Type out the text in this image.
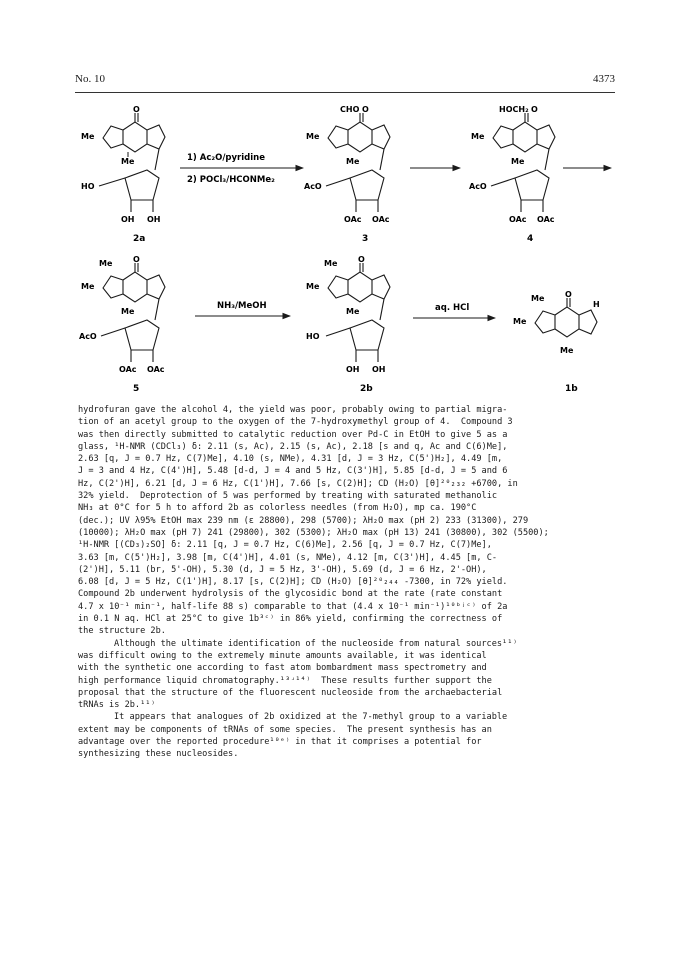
No. 10	4373
O
Me
Me
HO
OH OH
2a
1) Ac₂O/pyridine
2) POCl₃/HCONMe₂
CHO O
Me
Me
AcO
OAc OAc
3
HOCH₂ O
Me
Me
AcO
OAc OAc
4
Me	O
Me
Me
AcO
OAc OAc
5
NH₃/MeOH
Me	O
Me
Me
HO
OH OH
2b
aq. HCl
Me	O
H
Me
Me
1b
hydrofuran gave the alcohol 4, the yield was poor, probably owing to partial migra-
tion of an acetyl group to the oxygen of the 7-hydroxymethyl group of 4.  Compound 3
was then directly submitted to catalytic reduction over Pd-C in EtOH to give 5 as a
glass, ¹H-NMR (CDCl₃) δ: 2.11 (s, Ac), 2.15 (s, Ac), 2.18 [s and q, Ac and C(6)Me],
2.63 [q, J = 0.7 Hz, C(7)Me], 4.10 (s, NMe), 4.31 [d, J = 3 Hz, C(5')H₂], 4.49 [m,
J = 3 and 4 Hz, C(4')H], 5.48 [d-d, J = 4 and 5 Hz, C(3')H], 5.85 [d-d, J = 5 and 6
Hz, C(2')H], 6.21 [d, J = 6 Hz, C(1')H], 7.66 [s, C(2)H]; CD (H₂O) [θ]²⁰₂₃₂ +6700, in
32% yield.  Deprotection of 5 was performed by treating with saturated methanolic
NH₃ at 0°C for 5 h to afford 2b as colorless needles (from H₂O), mp ca. 190°C
(dec.); UV λ95% EtOH max 239 nm (ε 28800), 298 (5700); λH₂O max (pH 2) 233 (31300), 279
(10000); λH₂O max (pH 7) 241 (29800), 302 (5300); λH₂O max (pH 13) 241 (30800), 302 (5500);
¹H-NMR [(CD₃)₂SO] δ: 2.11 [q, J = 0.7 Hz, C(6)Me], 2.56 [q, J = 0.7 Hz, C(7)Me],
3.63 [m, C(5')H₂], 3.98 [m, C(4')H], 4.01 (s, NMe), 4.12 [m, C(3')H], 4.45 [m, C-
(2')H], 5.11 (br, 5'-OH), 5.30 (d, J = 5 Hz, 3'-OH), 5.69 (d, J = 6 Hz, 2'-OH),
6.08 [d, J = 5 Hz, C(1')H], 8.17 [s, C(2)H]; CD (H₂O) [θ]²⁰₂₄₄ -7300, in 72% yield.
Compound 2b underwent hydrolysis of the glycosidic bond at the rate (rate constant
4.7 x 10⁻¹ min⁻¹, half-life 88 s) comparable to that (4.4 x 10⁻¹ min⁻¹)¹⁰ᵇʲᶜ⁾ of 2a
in 0.1 N aq. HCl at 25°C to give 1b³ᶜ⁾ in 86% yield, confirming the correctness of
the structure 2b.
Although the ultimate identification of the nucleoside from natural sources¹¹⁾
was difficult owing to the extremely minute amounts available, it was identical
with the synthetic one according to fast atom bombardment mass spectrometry and
high performance liquid chromatography.¹³ʴ¹⁴⁾  These results further support the
proposal that the structure of the fluorescent nucleoside from the archaebacterial
tRNAs is 2b.¹¹⁾
It appears that analogues of 2b oxidized at the 7-methyl group to a variable
extent may be components of tRNAs of some species.  The present synthesis has an
advantage over the reported procedure¹⁰ᵉ⁾ in that it comprises a potential for
synthesizing these nucleosides.
